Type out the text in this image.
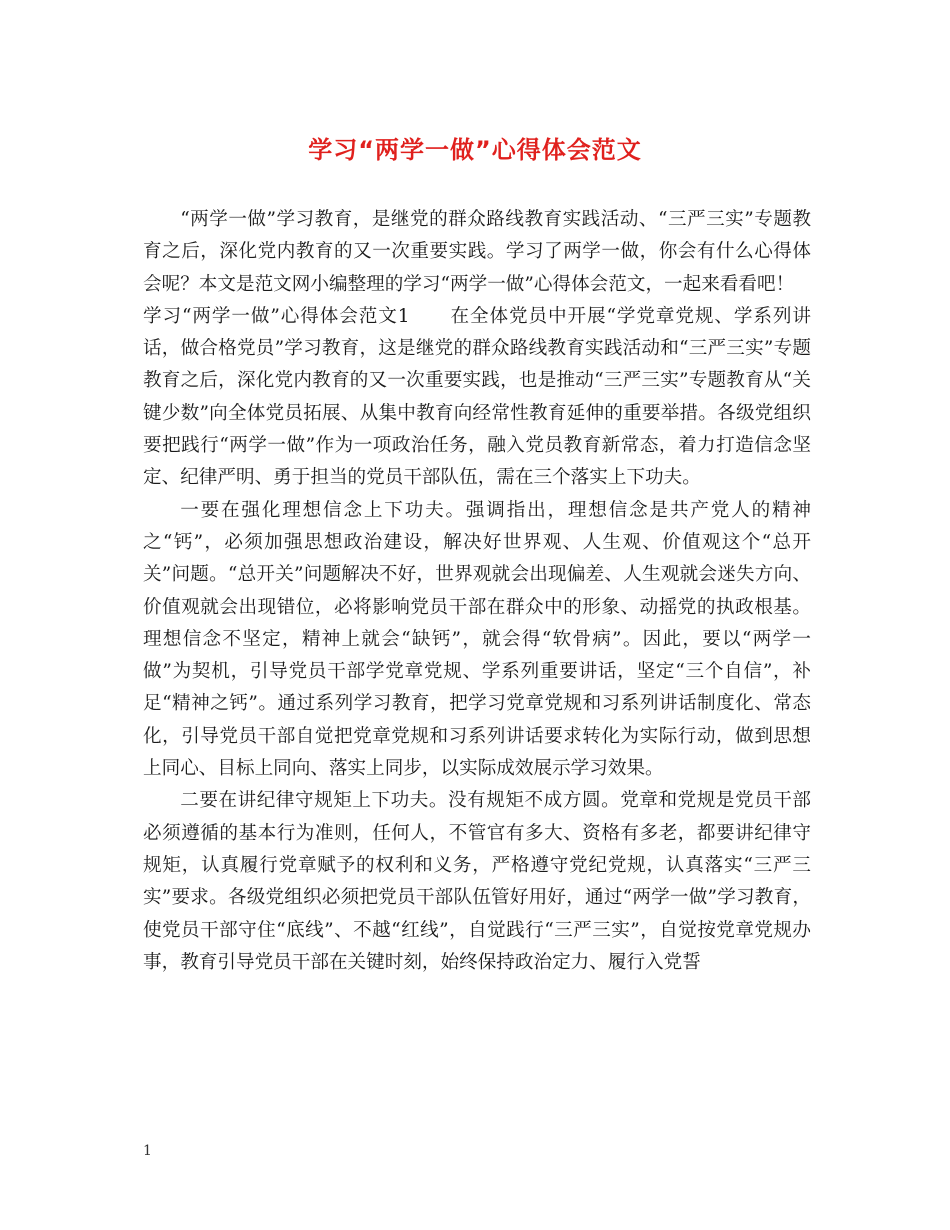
学习“两学一做”心得体会范文

“两学一做”学习教育，是继党的群众路线教育实践活动、“三严三实”专题教育之后，深化党内教育的又一次重要实践。学习了两学一做，你会有什么心得体会呢？本文是范文网小编整理的学习“两学一做”心得体会范文，一起来看看吧！

学习“两学一做”心得体会范文1 在全体党员中开展“学党章党规、学系列讲话，做合格党员”学习教育，这是继党的群众路线教育实践活动和“三严三实”专题教育之后，深化党内教育的又一次重要实践，也是推动“三严三实”专题教育从“关键少数”向全体党员拓展、从集中教育向经常性教育延伸的重要举措。各级党组织要把践行“两学一做”作为一项政治任务，融入党员教育新常态，着力打造信念坚定、纪律严明、勇于担当的党员干部队伍，需在三个落实上下功夫。

一要在强化理想信念上下功夫。强调指出，理想信念是共产党人的精神之“钙”，必须加强思想政治建设，解决好世界观、人生观、价值观这个“总开关”问题。“总开关”问题解决不好，世界观就会出现偏差、人生观就会迷失方向、价值观就会出现错位，必将影响党员干部在群众中的形象、动摇党的执政根基。理想信念不坚定，精神上就会“缺钙”，就会得“软骨病”。因此，要以“两学一做”为契机，引导党员干部学党章党规、学系列重要讲话，坚定“三个自信”，补足“精神之钙”。通过系列学习教育，把学习党章党规和习系列讲话制度化、常态化，引导党员干部自觉把党章党规和习系列讲话要求转化为实际行动，做到思想上同心、目标上同向、落实上同步，以实际成效展示学习效果。

二要在讲纪律守规矩上下功夫。没有规矩不成方圆。党章和党规是党员干部必须遵循的基本行为准则，任何人，不管官有多大、资格有多老，都要讲纪律守规矩，认真履行党章赋予的权利和义务，严格遵守党纪党规，认真落实“三严三实”要求。各级党组织必须把党员干部队伍管好用好，通过“两学一做”学习教育，使党员干部守住“底线”、不越“红线”，自觉践行“三严三实”，自觉按党章党规办事，教育引导党员干部在关键时刻，始终保持政治定力、履行入党誓

1
